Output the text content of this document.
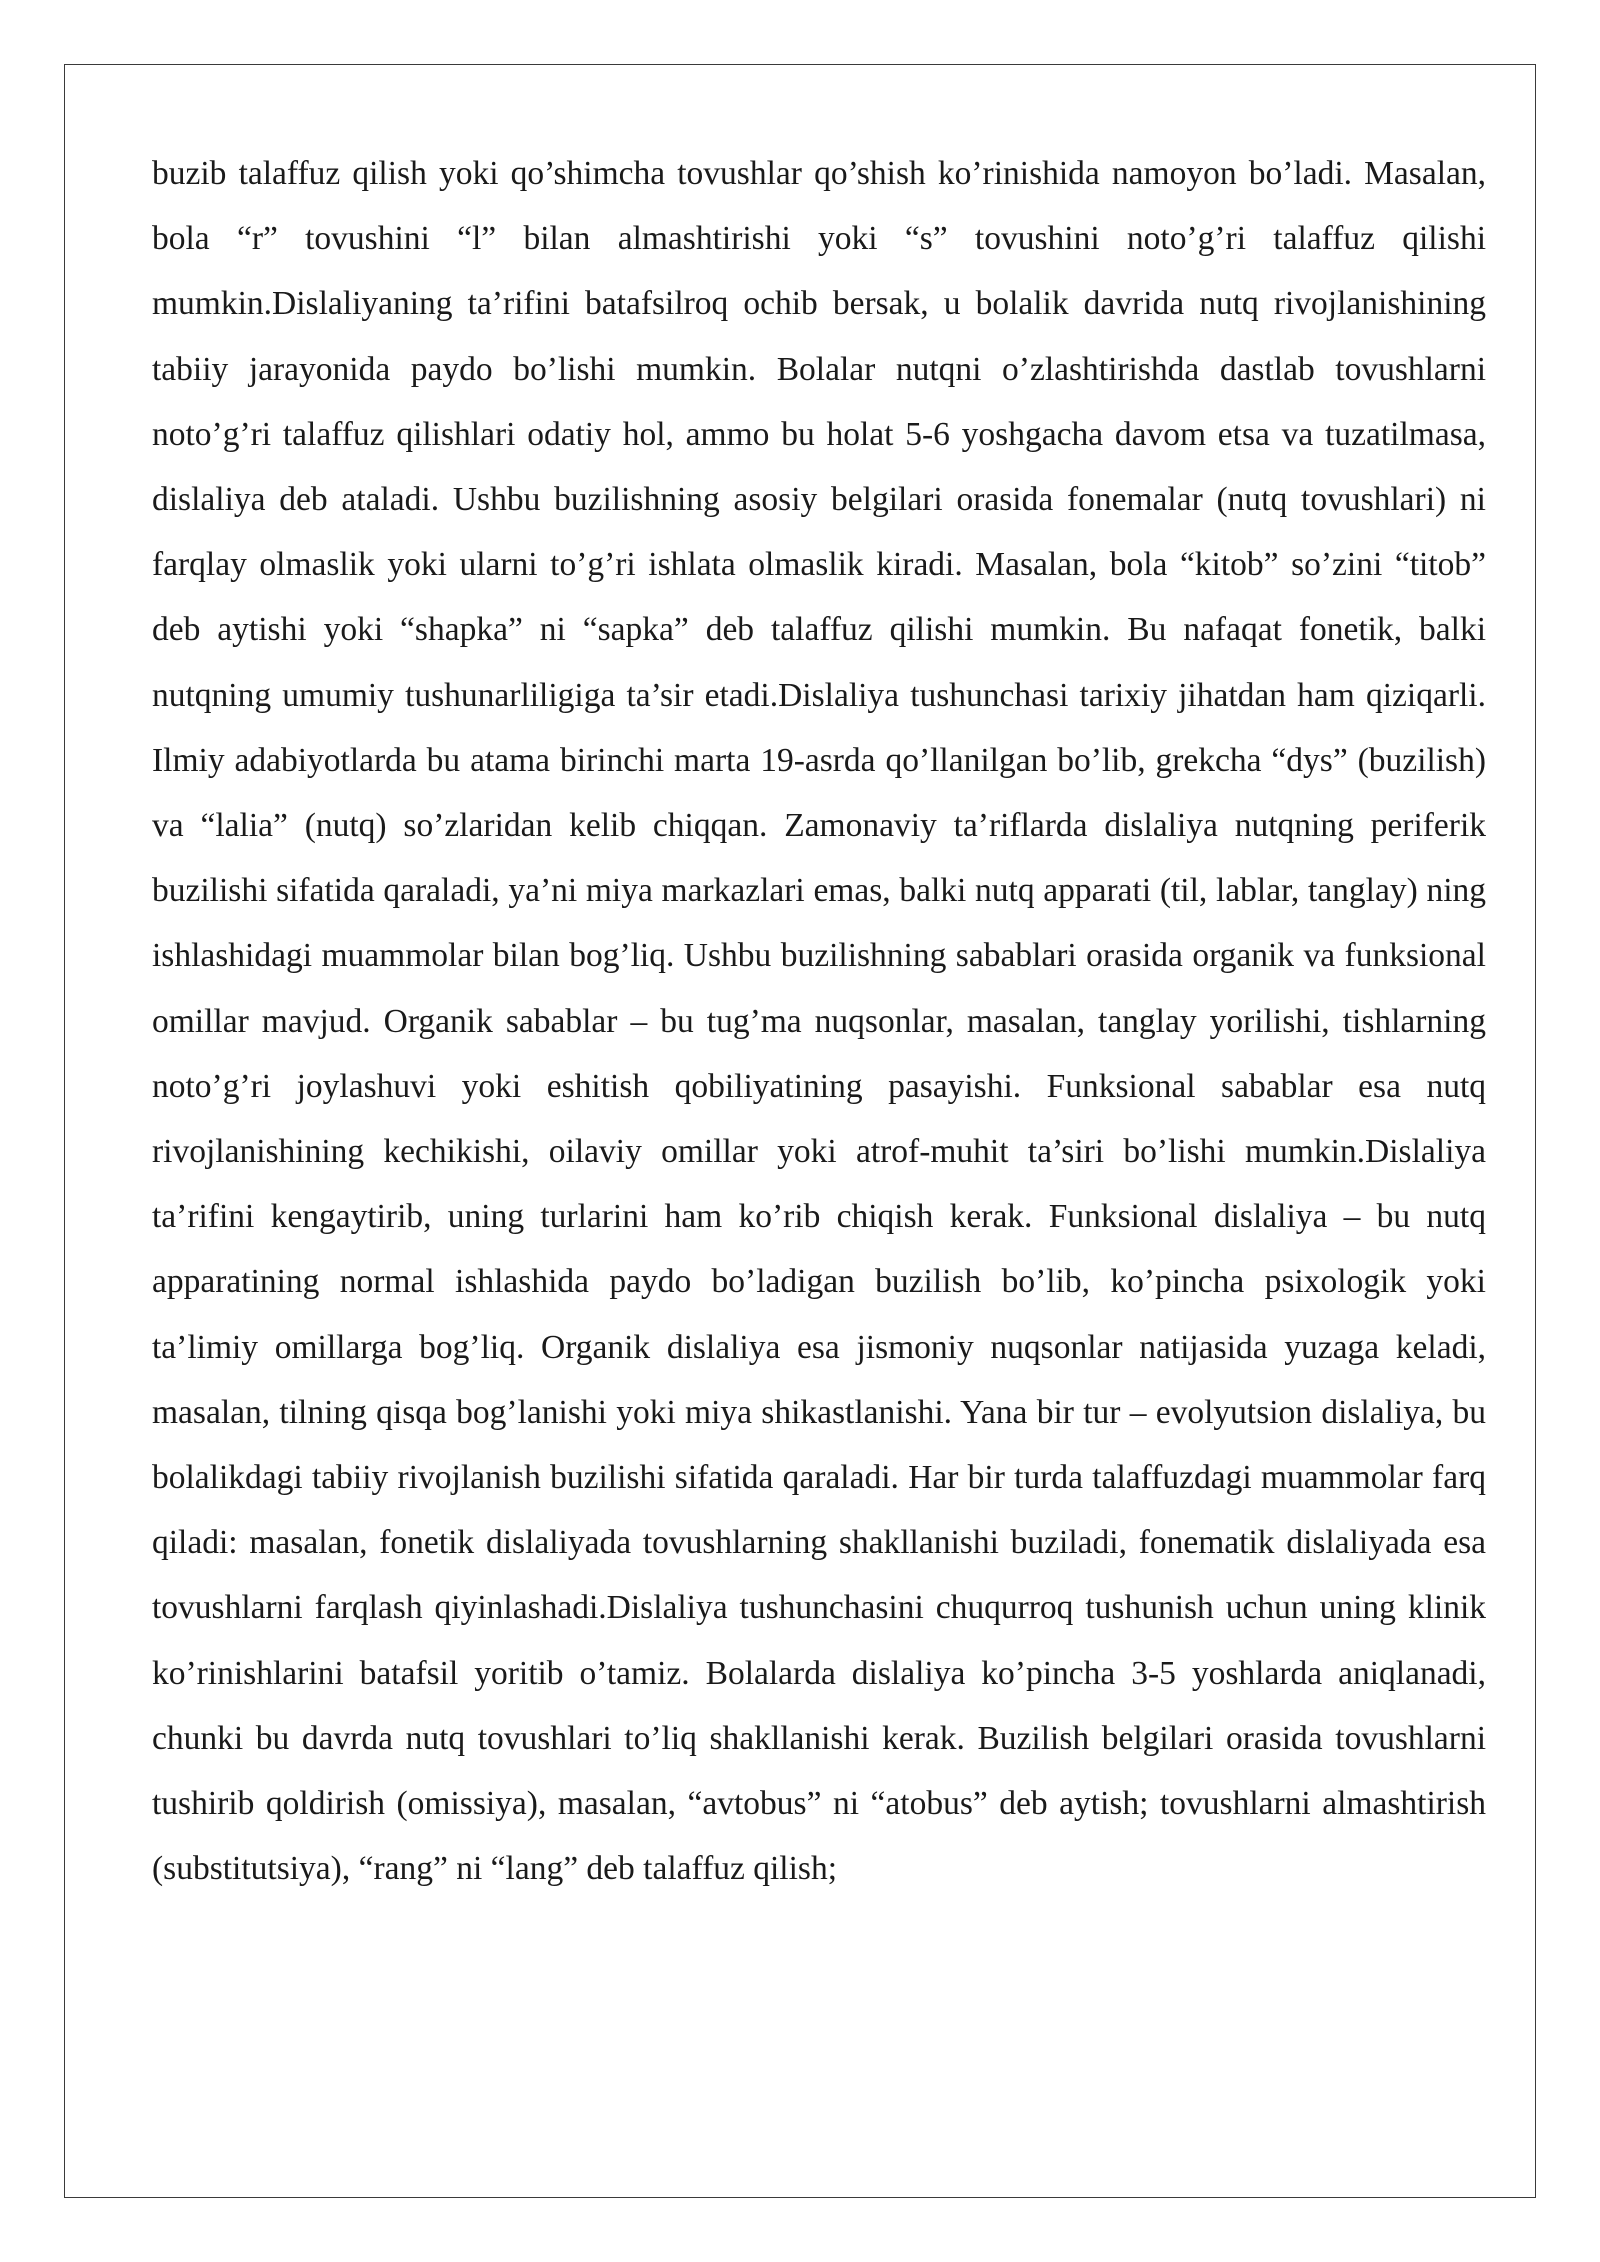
buzib talaffuz qilish yoki qo’shimcha tovushlar qo’shish ko’rinishida namoyon bo’ladi. Masalan, bola “r” tovushini “l” bilan almashtirishi yoki “s” tovushini noto’g’ri talaffuz qilishi mumkin.Dislaliyaning ta’rifini batafsilroq ochib bersak, u bolalik davrida nutq rivojlanishining tabiiy jarayonida paydo bo’lishi mumkin. Bolalar nutqni o’zlashtirishda dastlab tovushlarni noto’g’ri talaffuz qilishlari odatiy hol, ammo bu holat 5-6 yoshgacha davom etsa va tuzatilmasa, dislaliya deb ataladi. Ushbu buzilishning asosiy belgilari orasida fonemalar (nutq tovushlari) ni farqlay olmaslik yoki ularni to’g’ri ishlata olmaslik kiradi. Masalan, bola “kitob” so’zini “titob” deb aytishi yoki “shapka” ni “sapka” deb talaffuz qilishi mumkin. Bu nafaqat fonetik, balki nutqning umumiy tushunarliligiga ta’sir etadi.Dislaliya tushunchasi tarixiy jihatdan ham qiziqarli. Ilmiy adabiyotlarda bu atama birinchi marta 19-asrda qo’llanilgan bo’lib, grekcha “dys” (buzilish) va “lalia” (nutq) so’zlaridan kelib chiqqan. Zamonaviy ta’riflarda dislaliya nutqning periferik buzilishi sifatida qaraladi, ya’ni miya markazlari emas, balki nutq apparati (til, lablar, tanglay) ning ishlashidagi muammolar bilan bog’liq. Ushbu buzilishning sabablari orasida organik va funksional omillar mavjud. Organik sabablar – bu tug’ma nuqsonlar, masalan, tanglay yorilishi, tishlarning noto’g’ri joylashuvi yoki eshitish qobiliyatining pasayishi. Funksional sabablar esa nutq rivojlanishining kechikishi, oilaviy omillar yoki atrof-muhit ta’siri bo’lishi mumkin.Dislaliya ta’rifini kengaytirib, uning turlarini ham ko’rib chiqish kerak. Funksional dislaliya – bu nutq apparatining normal ishlashida paydo bo’ladigan buzilish bo’lib, ko’pincha psixologik yoki ta’limiy omillarga bog’liq. Organik dislaliya esa jismoniy nuqsonlar natijasida yuzaga keladi, masalan, tilning qisqa bog’lanishi yoki miya shikastlanishi. Yana bir tur – evolyutsion dislaliya, bu bolalikdagi tabiiy rivojlanish buzilishi sifatida qaraladi. Har bir turda talaffuzdagi muammolar farq qiladi: masalan, fonetik dislaliyada tovushlarning shakllanishi buziladi, fonematik dislaliyada esa tovushlarni farqlash qiyinlashadi.Dislaliya tushunchasini chuqurroq tushunish uchun uning klinik ko’rinishlarini batafsil yoritib o’tamiz. Bolalarda dislaliya ko’pincha 3-5 yoshlarda aniqlanadi, chunki bu davrda nutq tovushlari to’liq shakllanishi kerak. Buzilish belgilari orasida tovushlarni tushirib qoldirish (omissiya), masalan, “avtobus” ni “atobus” deb aytish; tovushlarni almashtirish (substitutsiya), “rang” ni “lang” deb talaffuz qilish;
